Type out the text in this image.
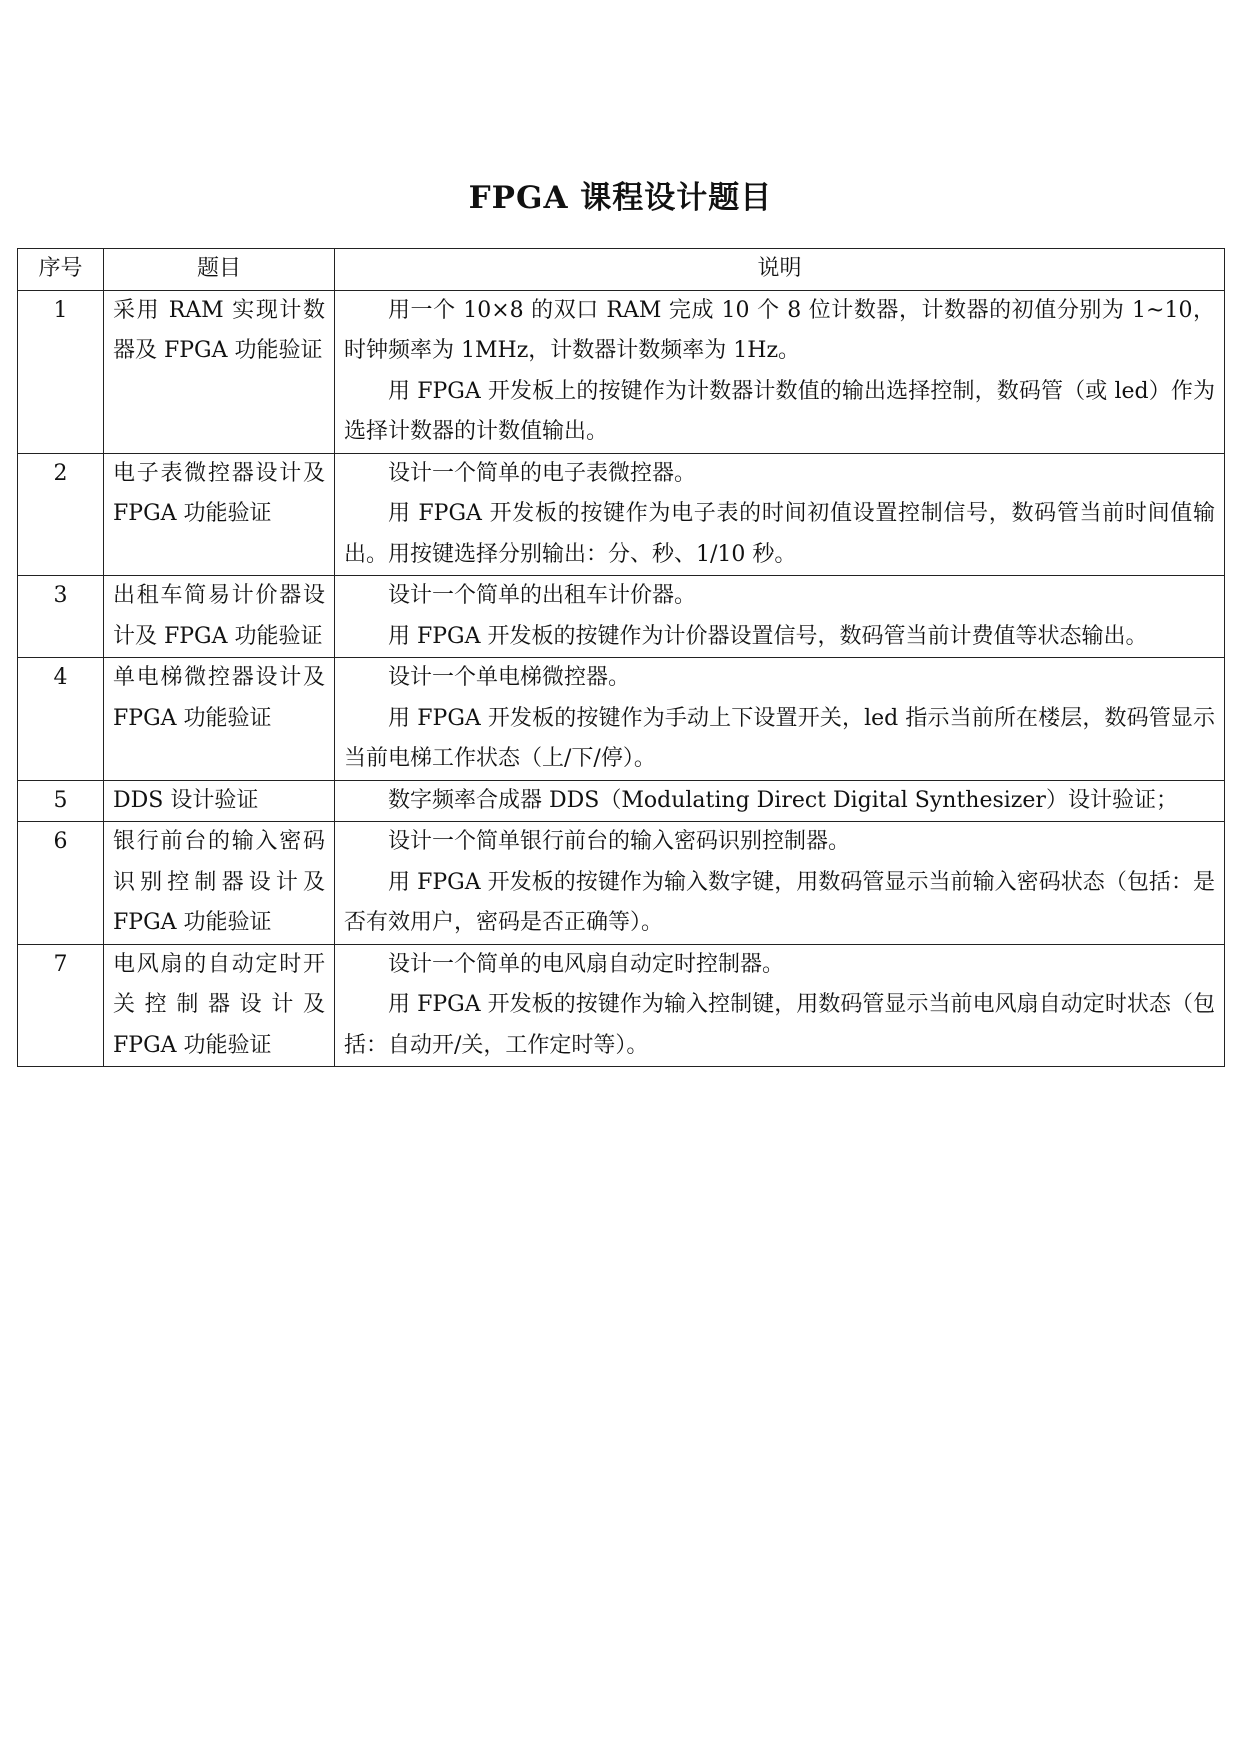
FPGA 课程设计题目
序号	题目	说明
1	采用 RAM 实现计数器及 FPGA 功能验证	用一个 10×8 的双口 RAM 完成 10 个 8 位计数器，计数器的初值分别为 1~10，时钟频率为 1MHz，计数器计数频率为 1Hz。
用 FPGA 开发板上的按键作为计数器计数值的输出选择控制，数码管（或 led）作为选择计数器的计数值输出。

2	电子表微控器设计及 FPGA 功能验证	设计一个简单的电子表微控器。
用 FPGA 开发板的按键作为电子表的时间初值设置控制信号，数码管当前时间值输出。用按键选择分别输出：分、秒、1/10 秒。

3	出租车简易计价器设计及 FPGA 功能验证	设计一个简单的出租车计价器。
用 FPGA 开发板的按键作为计价器设置信号，数码管当前计费值等状态输出。

4	单电梯微控器设计及 FPGA 功能验证	设计一个单电梯微控器。
用 FPGA 开发板的按键作为手动上下设置开关，led 指示当前所在楼层，数码管显示当前电梯工作状态（上/下/停）。

5	DDS 设计验证	数字频率合成器 DDS（Modulating Direct Digital Synthesizer）设计验证；

6	银行前台的输入密码识别控制器设计及 FPGA 功能验证	设计一个简单银行前台的输入密码识别控制器。
用 FPGA 开发板的按键作为输入数字键，用数码管显示当前输入密码状态（包括：是否有效用户，密码是否正确等）。

7	电风扇的自动定时开关控制器设计及 FPGA 功能验证	设计一个简单的电风扇自动定时控制器。
用 FPGA 开发板的按键作为输入控制键，用数码管显示当前电风扇自动定时状态（包括：自动开/关，工作定时等）。
